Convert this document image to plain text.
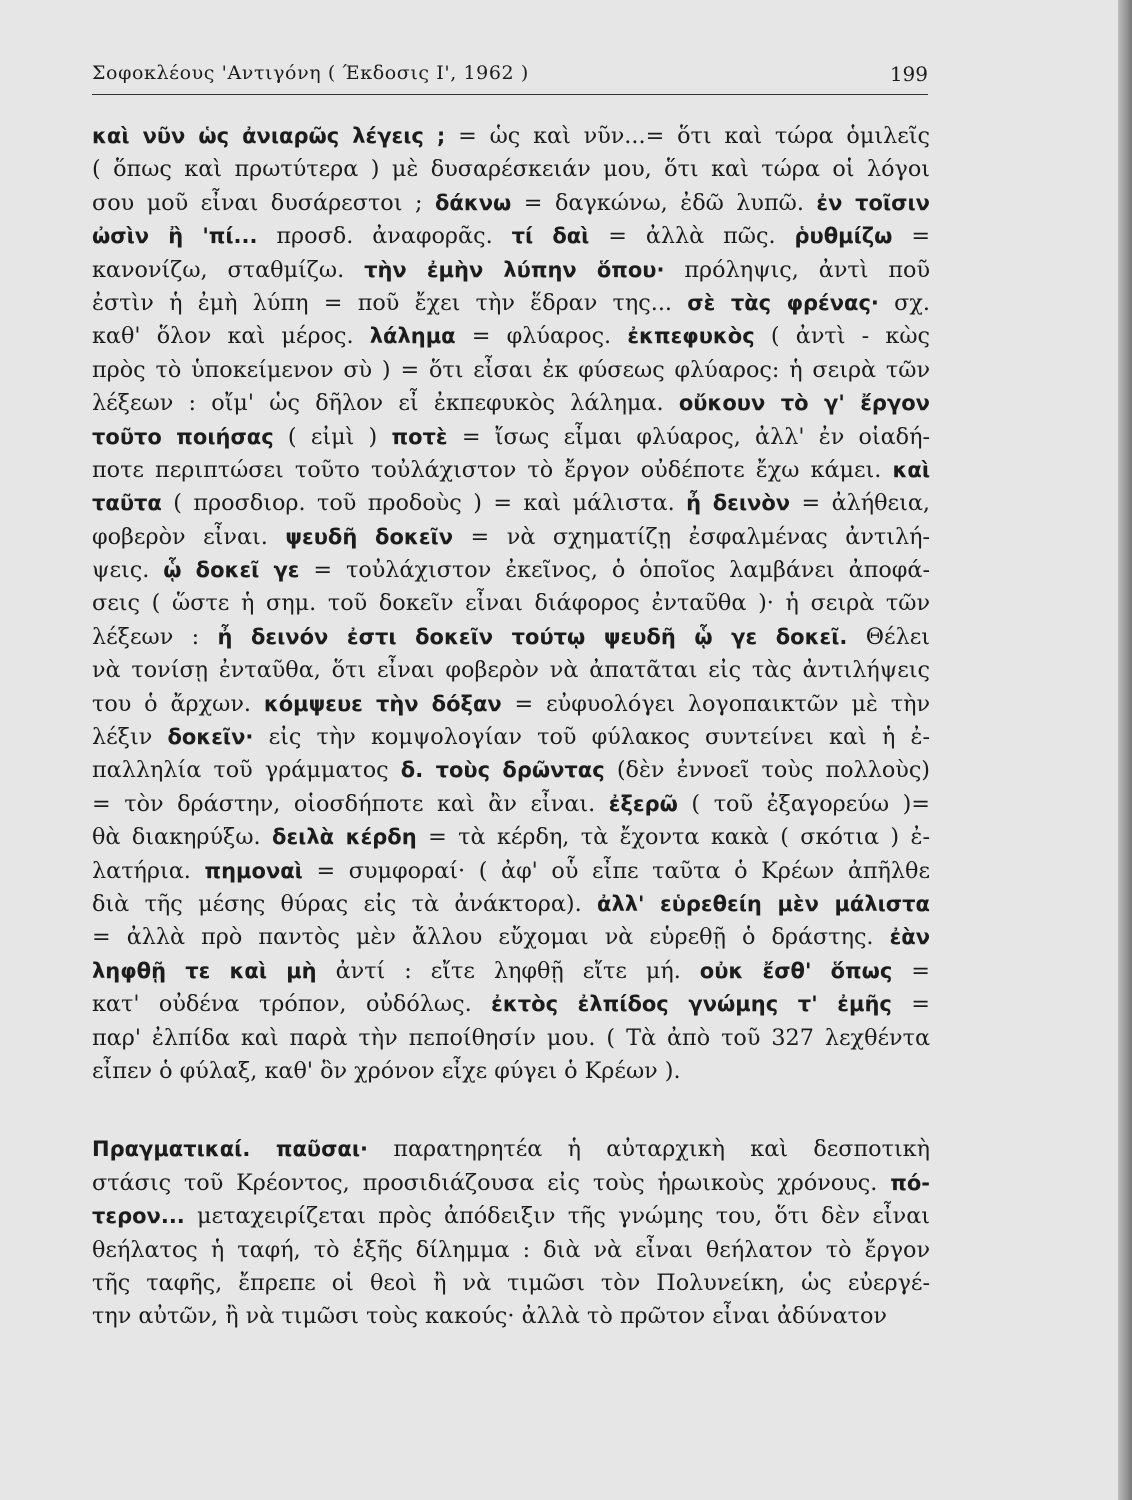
Σοφοκλέους 'Αντιγόνη ( Έκδοσις Ι', 1962 )	199
καὶ νῦν ὡς ἀνιαρῶς λέγεις ; = ὡς καὶ νῦν...= ὅτι καὶ τώρα ὁμιλεῖς
( ὅπως καὶ πρωτύτερα ) μὲ δυσαρέσκειάν μου, ὅτι καὶ τώρα οἱ λόγοι
σου μοῦ εἶναι δυσάρεστοι ; δάκνω = δαγκώνω, ἐδῶ λυπῶ. ἐν τοῖσιν
ὠσὶν ἢ 'πί... προσδ. ἀναφορᾶς. τί δαὶ = ἀλλὰ πῶς. ῥυθμίζω =
κανονίζω, σταθμίζω. τὴν ἐμὴν λύπην ὅπου· πρόληψις, ἀντὶ ποῦ
ἐστὶν ἡ ἐμὴ λύπη = ποῦ ἔχει τὴν ἕδραν της... σὲ τὰς φρένας· σχ.
καθ' ὅλον καὶ μέρος. λάλημα = φλύαρος. ἐκπεφυκὸς ( ἀντὶ - κὼς
πρὸς τὸ ὑποκείμενον σὺ ) = ὅτι εἶσαι ἐκ φύσεως φλύαρος: ἡ σειρὰ τῶν
λέξεων : οἴμ' ὡς δῆλον εἶ ἐκπεφυκὸς λάλημα. οὔκουν τὸ γ' ἔργον
τοῦτο ποιήσας ( εἰμὶ ) ποτὲ = ἴσως εἶμαι φλύαρος, ἀλλ' ἐν οἱαδή-
ποτε περιπτώσει τοῦτο τοὐλάχιστον τὸ ἔργον οὐδέποτε ἔχω κάμει. καὶ
ταῦτα ( προσδιορ. τοῦ προδοὺς ) = καὶ μάλιστα. ἦ δεινὸν = ἀλήθεια,
φοβερὸν εἶναι. ψευδῆ δοκεῖν = νὰ σχηματίζῃ ἐσφαλμένας ἀντιλή-
ψεις. ᾧ δοκεῖ γε = τοὐλάχιστον ἐκεῖνος, ὁ ὁποῖος λαμβάνει ἀποφά-
σεις ( ὥστε ἡ σημ. τοῦ δοκεῖν εἶναι διάφορος ἐνταῦθα )· ἡ σειρὰ τῶν
λέξεων : ἦ δεινόν ἐστι δοκεῖν τούτῳ ψευδῆ ᾧ γε δοκεῖ. Θέλει
νὰ τονίσῃ ἐνταῦθα, ὅτι εἶναι φοβερὸν νὰ ἀπατᾶται εἰς τὰς ἀντιλήψεις
του ὁ ἄρχων. κόμψευε τὴν δόξαν = εὐφυολόγει λογοπαικτῶν μὲ τὴν
λέξιν δοκεῖν· εἰς τὴν κομψολογίαν τοῦ φύλακος συντείνει καὶ ἡ ἐ-
παλληλία τοῦ γράμματος δ. τοὺς δρῶντας (δὲν ἐννοεῖ τοὺς πολλοὺς)
= τὸν δράστην, οἱοσδήποτε καὶ ἂν εἶναι. ἐξερῶ ( τοῦ ἐξαγορεύω )=
θὰ διακηρύξω. δειλὰ κέρδη = τὰ κέρδη, τὰ ἔχοντα κακὰ ( σκότια ) ἐ-
λατήρια. πημοναὶ = συμφοραί· ( ἀφ' οὗ εἶπε ταῦτα ὁ Κρέων ἀπῆλθε
διὰ τῆς μέσης θύρας εἰς τὰ ἀνάκτορα). ἀλλ' εὑρεθείη μὲν μάλιστα
= ἀλλὰ πρὸ παντὸς μὲν ἄλλου εὔχομαι νὰ εὑρεθῇ ὁ δράστης. ἐὰν
ληφθῇ τε καὶ μὴ ἀντί : εἴτε ληφθῇ εἴτε μή. οὐκ ἔσθ' ὅπως =
κατ' οὐδένα τρόπον, οὐδόλως. ἐκτὸς ἐλπίδος γνώμης τ' ἐμῆς =
παρ' ἐλπίδα καὶ παρὰ τὴν πεποίθησίν μου. ( Τὰ ἀπὸ τοῦ 327 λεχθέντα
εἶπεν ὁ φύλαξ, καθ' ὃν χρόνον εἶχε φύγει ὁ Κρέων ).
Πραγματικαί. παῦσαι· παρατηρητέα ἡ αὐταρχικὴ καὶ δεσποτικὴ
στάσις τοῦ Κρέοντος, προσιδιάζουσα εἰς τοὺς ἡρωικοὺς χρόνους. πό-
τερον... μεταχειρίζεται πρὸς ἀπόδειξιν τῆς γνώμης του, ὅτι δὲν εἶναι
θεήλατος ἡ ταφή, τὸ ἑξῆς δίλημμα : διὰ νὰ εἶναι θεήλατον τὸ ἔργον
τῆς ταφῆς, ἔπρεπε οἱ θεοὶ ἢ νὰ τιμῶσι τὸν Πολυνείκη, ὡς εὐεργέ-
την αὐτῶν, ἢ νὰ τιμῶσι τοὺς κακούς· ἀλλὰ τὸ πρῶτον εἶναι ἀδύνατον
